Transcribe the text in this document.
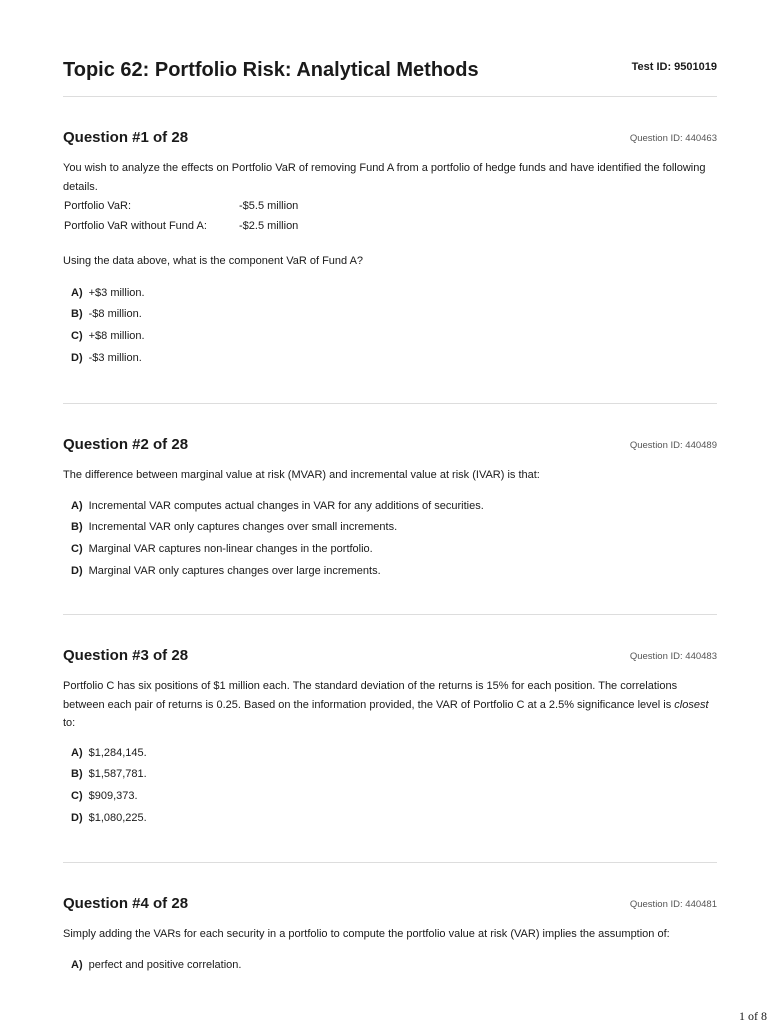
Topic 62: Portfolio Risk: Analytical Methods	Test ID: 9501019
Question #1 of 28	Question ID: 440463

You wish to analyze the effects on Portfolio VaR of removing Fund A from a portfolio of hedge funds and have identified the following details.

Portfolio VaR:	-$5.5 million
Portfolio VaR without Fund A:	-$2.5 million

Using the data above, what is the component VaR of Fund A?

A) +$3 million.
B) -$8 million.
C) +$8 million.
D) -$3 million.
Question #2 of 28	Question ID: 440489

The difference between marginal value at risk (MVAR) and incremental value at risk (IVAR) is that:

A) Incremental VAR computes actual changes in VAR for any additions of securities.
B) Incremental VAR only captures changes over small increments.
C) Marginal VAR captures non-linear changes in the portfolio.
D) Marginal VAR only captures changes over large increments.
Question #3 of 28	Question ID: 440483

Portfolio C has six positions of $1 million each. The standard deviation of the returns is 15% for each position. The correlations between each pair of returns is 0.25. Based on the information provided, the VAR of Portfolio C at a 2.5% significance level is closest to:

A) $1,284,145.
B) $1,587,781.
C) $909,373.
D) $1,080,225.
Question #4 of 28	Question ID: 440481

Simply adding the VARs for each security in a portfolio to compute the portfolio value at risk (VAR) implies the assumption of:

A) perfect and positive correlation.
1 of 8
